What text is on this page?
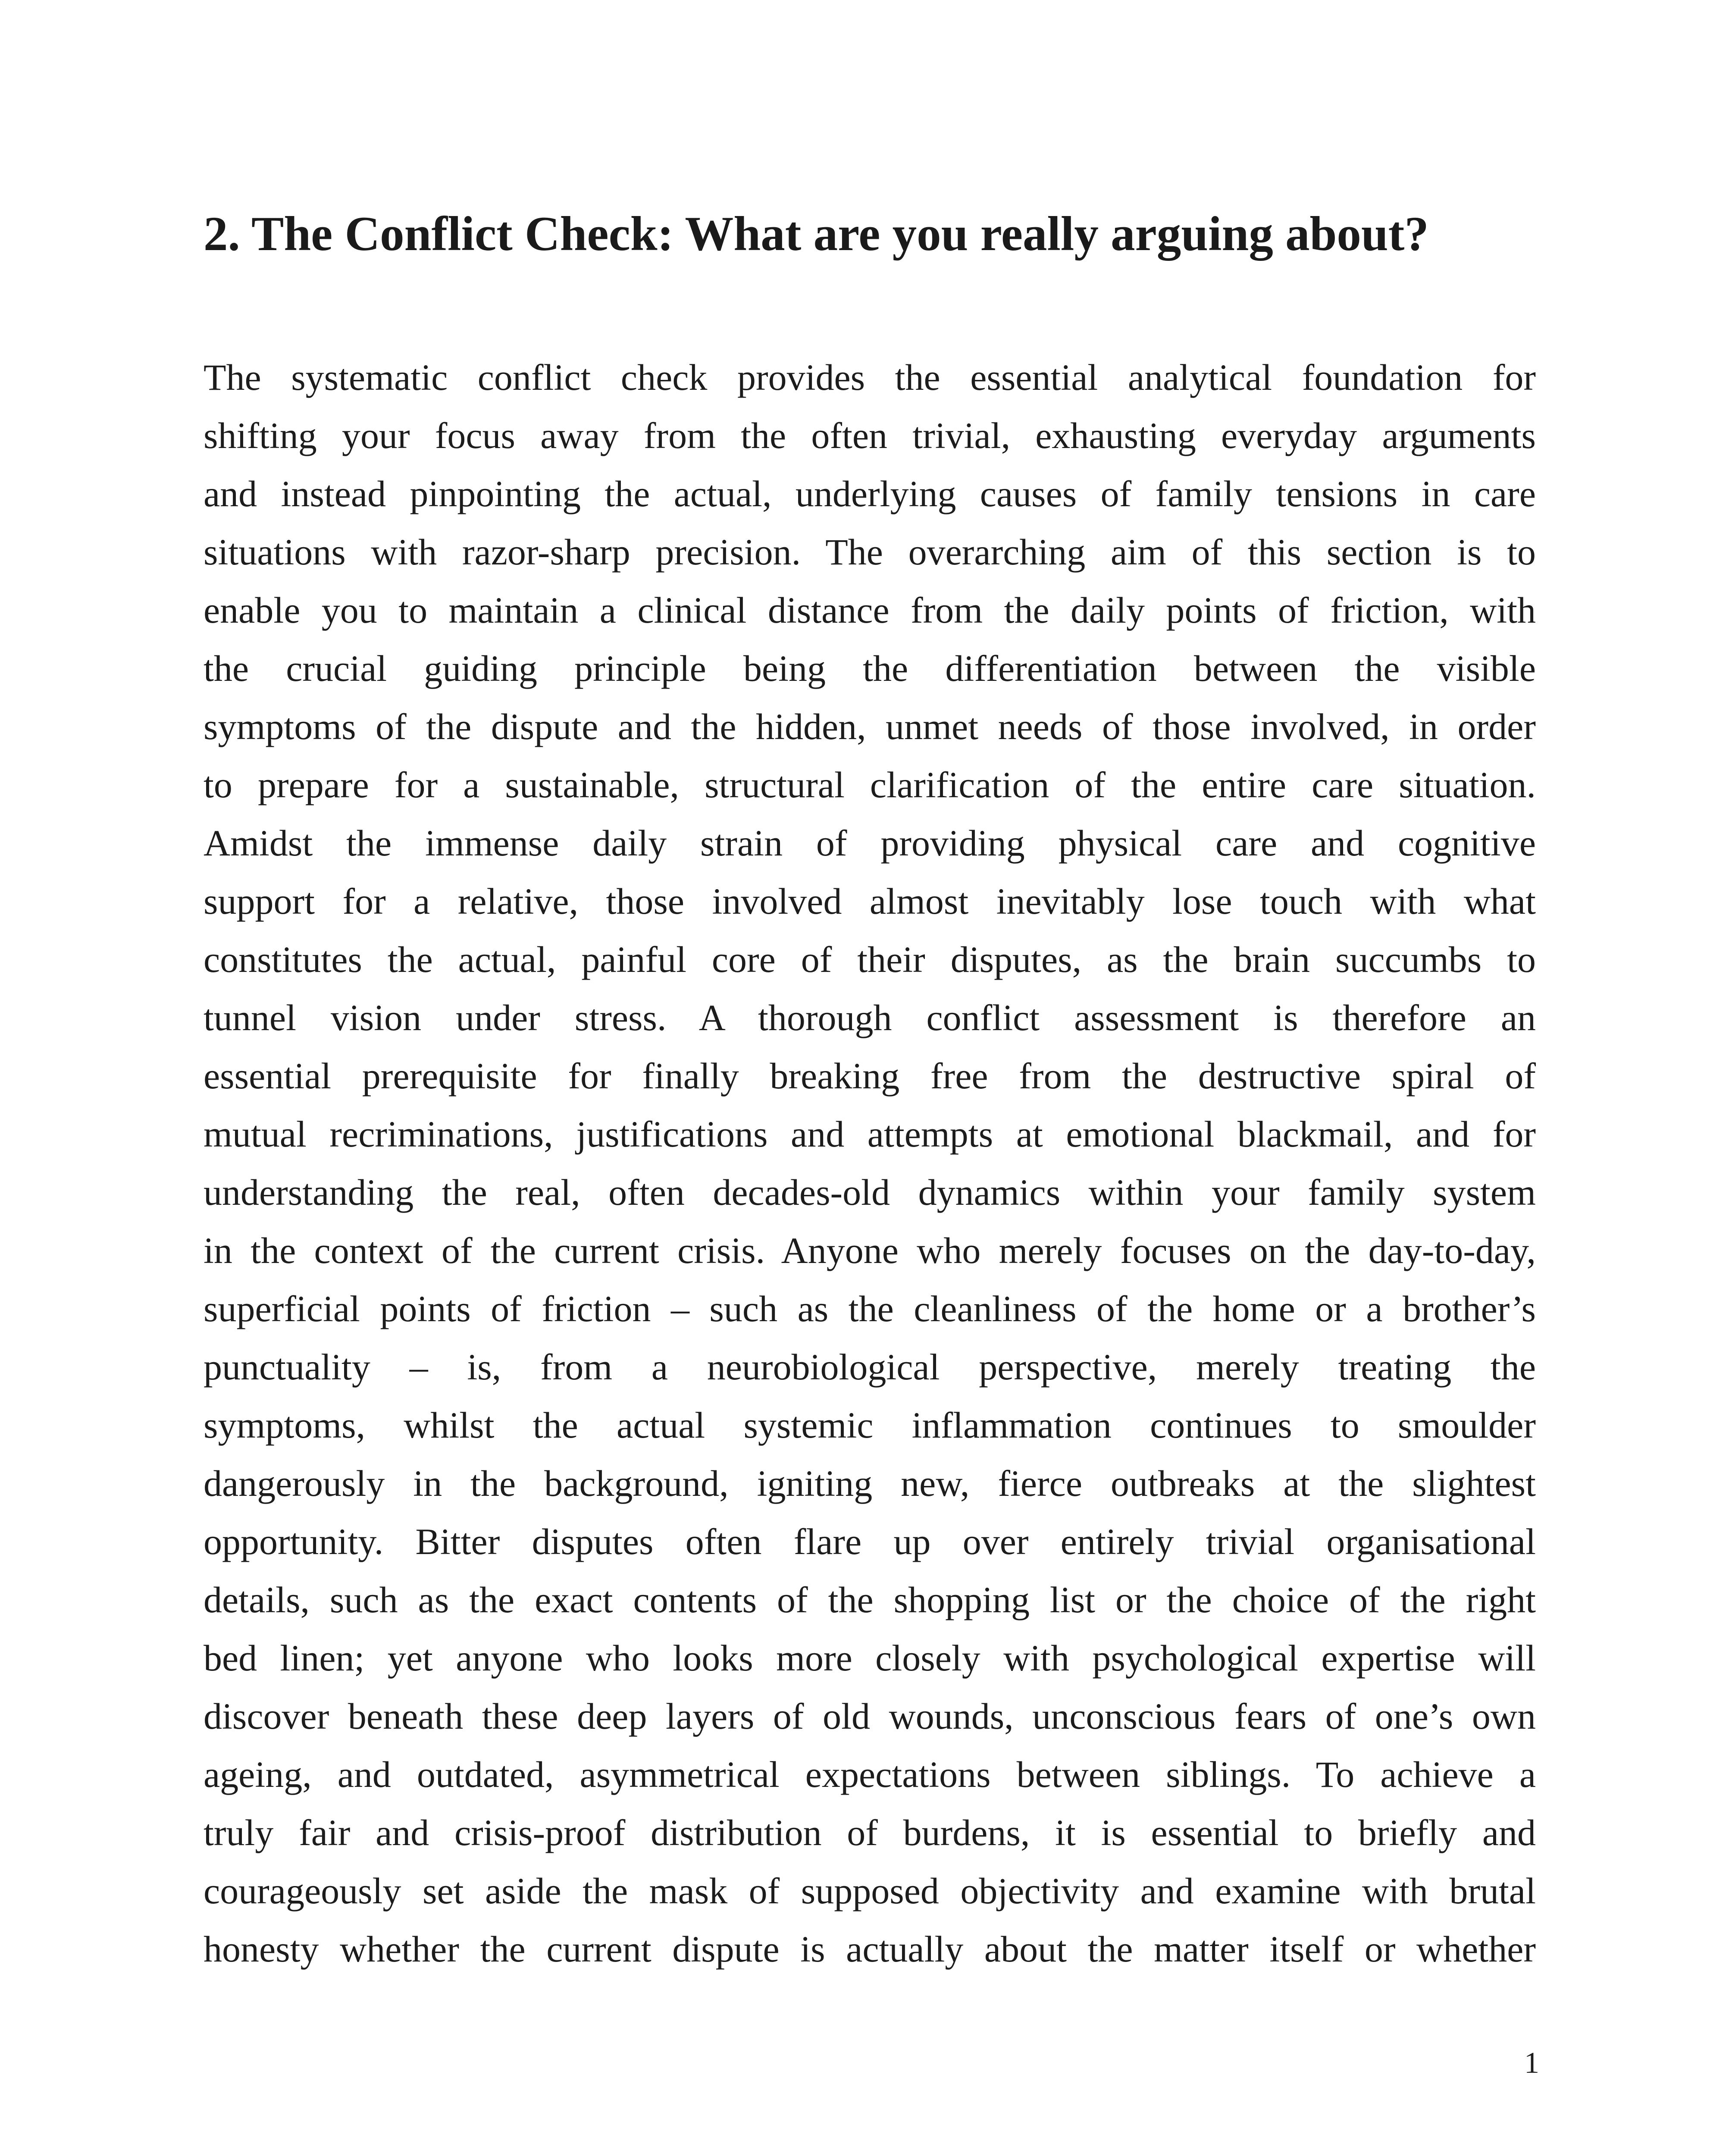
2. The Conflict Check: What are you really arguing about?
The systematic conflict check provides the essential analytical foundation for
shifting your focus away from the often trivial, exhausting everyday arguments
and instead pinpointing the actual, underlying causes of family tensions in care
situations with razor-sharp precision. The overarching aim of this section is to
enable you to maintain a clinical distance from the daily points of friction, with
the crucial guiding principle being the differentiation between the visible
symptoms of the dispute and the hidden, unmet needs of those involved, in order
to prepare for a sustainable, structural clarification of the entire care situation.
Amidst the immense daily strain of providing physical care and cognitive
support for a relative, those involved almost inevitably lose touch with what
constitutes the actual, painful core of their disputes, as the brain succumbs to
tunnel vision under stress. A thorough conflict assessment is therefore an
essential prerequisite for finally breaking free from the destructive spiral of
mutual recriminations, justifications and attempts at emotional blackmail, and for
understanding the real, often decades-old dynamics within your family system
in the context of the current crisis. Anyone who merely focuses on the day-to-day,
superficial points of friction – such as the cleanliness of the home or a brother’s
punctuality – is, from a neurobiological perspective, merely treating the
symptoms, whilst the actual systemic inflammation continues to smoulder
dangerously in the background, igniting new, fierce outbreaks at the slightest
opportunity. Bitter disputes often flare up over entirely trivial organisational
details, such as the exact contents of the shopping list or the choice of the right
bed linen; yet anyone who looks more closely with psychological expertise will
discover beneath these deep layers of old wounds, unconscious fears of one’s own
ageing, and outdated, asymmetrical expectations between siblings. To achieve a
truly fair and crisis-proof distribution of burdens, it is essential to briefly and
courageously set aside the mask of supposed objectivity and examine with brutal
honesty whether the current dispute is actually about the matter itself or whether
1
